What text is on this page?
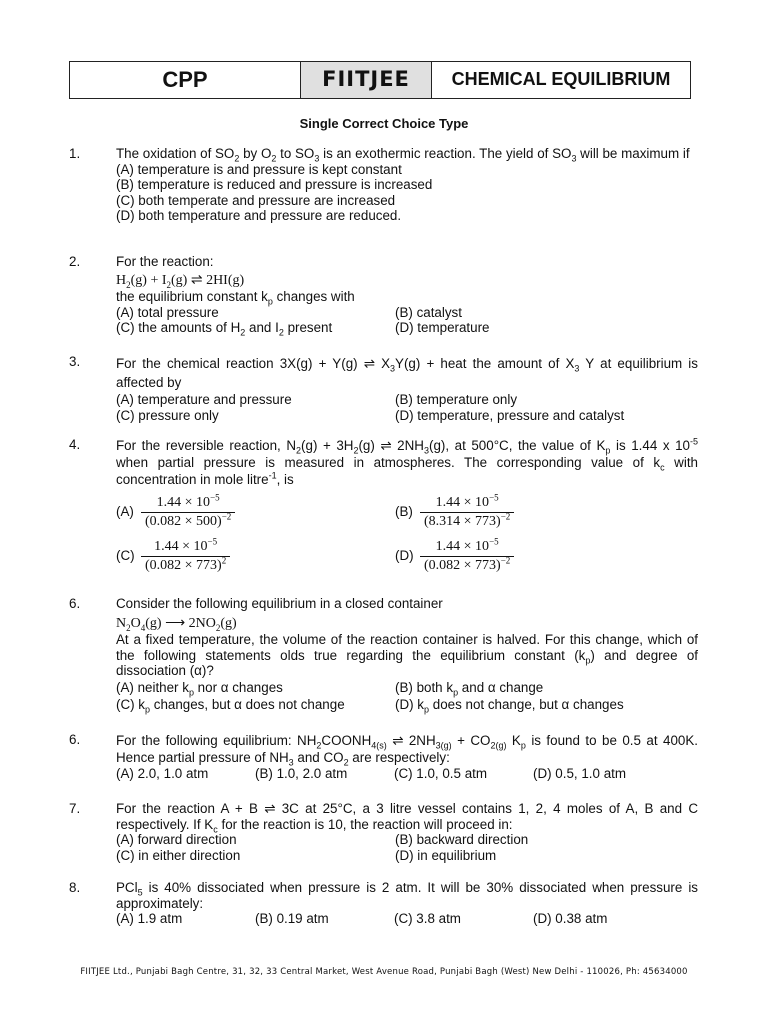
CPP	FIITJEE	CHEMICAL EQUILIBRIUM
Single Correct Choice Type
1.	The oxidation of $SO_2$ by $O_2$ to $SO_3$ is an exothermic reaction. The yield of $SO_3$ will be maximum if
(A) temperature is and pressure is kept constant
(B) temperature is reduced and pressure is increased
(C) both temperate and pressure are increased
(D) both temperature and pressure are reduced.
2.	For the reaction:
$H_2(g) + I_2(g)$ ⇌ 2HI(g)
the equilibrium constant $k_p$ changes with
(A) total pressure	(B) catalyst
(C) the amounts of $H_2$ and $I_2$ present	(D) temperature
3.	For the chemical reaction 3X(g) + Y(g) ⇌ $X_3Y(g)$ + heat the amount of $X_3$ Y at equilibrium is affected by
(A) temperature and pressure	(B) temperature only
(C) pressure only	(D) temperature, pressure and catalyst
4.	For the reversible reaction, $N_2(g) + 3H_2(g)$ ⇌ $2NH_3(g)$, at 500°C, the value of $K_p$ is 1.44 x $10^{-5}$ when partial pressure is measured in atmospheres. The corresponding value of $k_c$ with concentration in mole litre$^{-1}$, is
$(A) \frac{1.44 \times 10^{-5}}{(0.082 \times 500)^{-2}}$	$(B) \frac{1.44 \times 10^{-5}}{(8.314 \times 773)^{-2}}$
$(C) \frac{1.44 \times 10^{-5}}{(0.082 \times 773)^2}$	$(D) \frac{1.44 \times 10^{-5}}{(0.082 \times 773)^{-2}}$
6.	Consider the following equilibrium in a closed container
$N_2O_4(g)$ ⟶ $2NO_2(g)$
At a fixed temperature, the volume of the reaction container is halved. For this change, which of the following statements olds true regarding the equilibrium constant $(k_p)$ and degree of dissociation (α)?
(A) neither $k_p$ nor α changes	(B) both $k_p$ and α change
(C) $k_p$ changes, but α does not change	(D) $k_p$ does not change, but α changes
6.	For the following equilibrium: $NH_2COONH_{4(s)}$ ⇌ $2NH_{3(g)} + CO_{2(g)}$ $K_p$ is found to be 0.5 at 400K. Hence partial pressure of $NH_3$ and $CO_2$ are respectively:
(A) 2.0, 1.0 atm	(B) 1.0, 2.0 atm	(C) 1.0, 0.5 atm	(D) 0.5, 1.0 atm
7.	For the reaction A + B ⇌ 3C at 25°C, a 3 litre vessel contains 1, 2, 4 moles of A, B and C respectively. If $K_c$ for the reaction is 10, the reaction will proceed in:
(A) forward direction	(B) backward direction
(C) in either direction	(D) in equilibrium
8.	PCl$_5$ is 40% dissociated when pressure is 2 atm. It will be 30% dissociated when pressure is approximately:
(A) 1.9 atm	(B) 0.19 atm	(C) 3.8 atm	(D) 0.38 atm
FIITJEE Ltd., Punjabi Bagh Centre, 31, 32, 33 Central Market, West Avenue Road, Punjabi Bagh (West) New Delhi - 110026, Ph: 45634000
